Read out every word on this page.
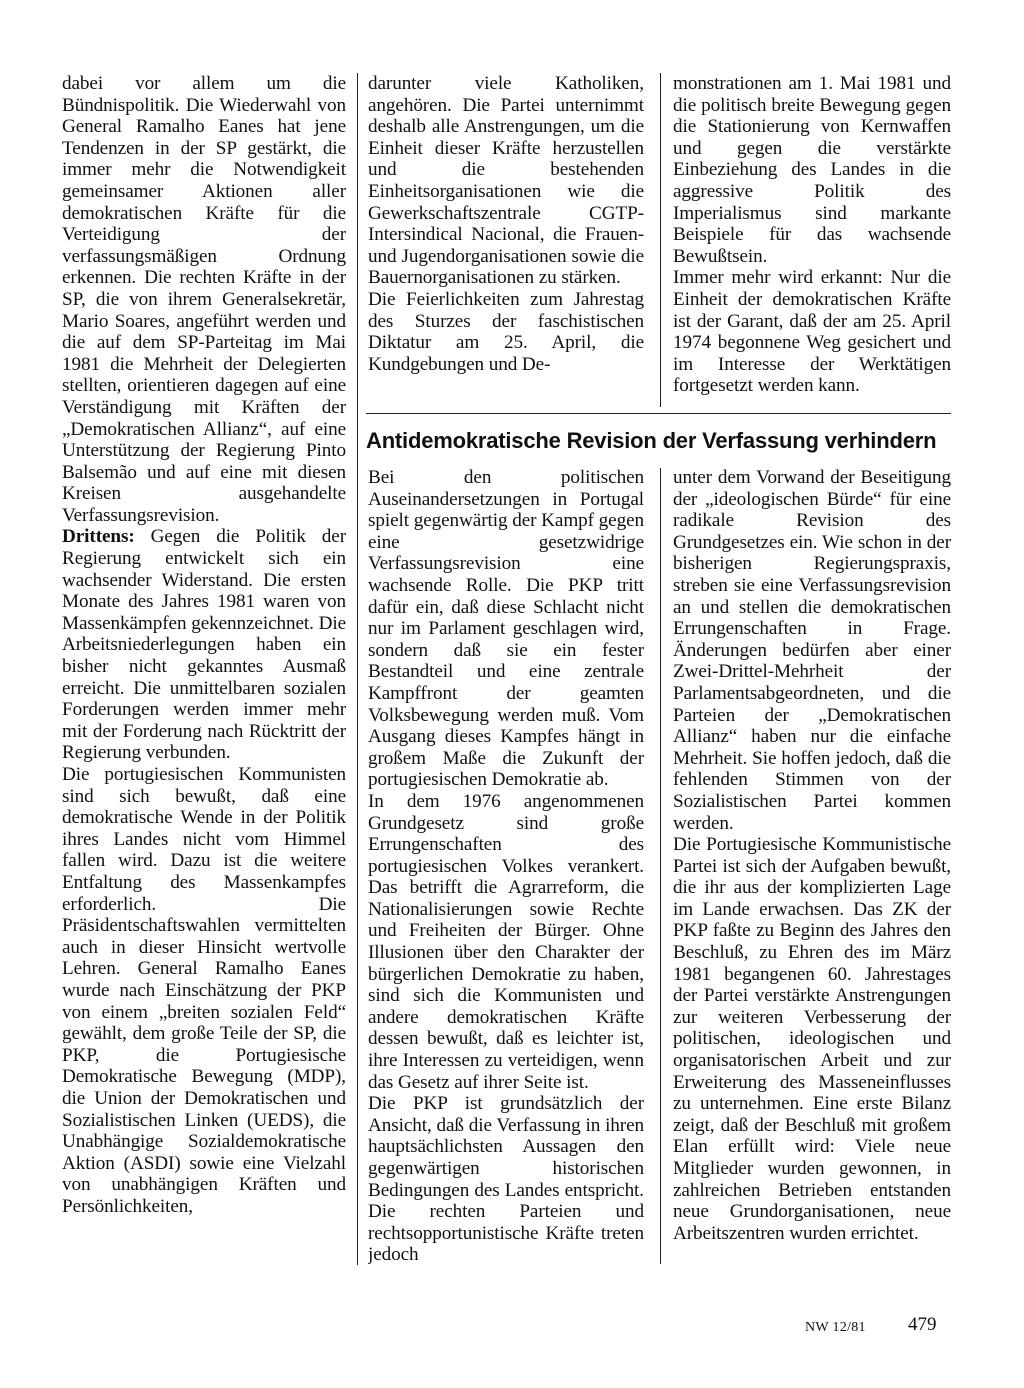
dabei vor allem um die Bündnispolitik. Die Wiederwahl von General Ramalho Eanes hat jene Tendenzen in der SP gestärkt, die immer mehr die Notwendigkeit gemeinsamer Aktionen aller demokratischen Kräfte für die Verteidigung der verfassungsmäßigen Ordnung erkennen. Die rechten Kräfte in der SP, die von ihrem Generalsekretär, Mario Soares, angeführt werden und die auf dem SP-Parteitag im Mai 1981 die Mehrheit der Delegierten stellten, orientieren dagegen auf eine Verständigung mit Kräften der „Demokratischen Allianz“, auf eine Unterstützung der Regierung Pinto Balsemão und auf eine mit diesen Kreisen ausgehandelte Verfassungsrevision.

Drittens: Gegen die Politik der Regierung entwickelt sich ein wachsender Widerstand. Die ersten Monate des Jahres 1981 waren von Massenkämpfen gekennzeichnet. Die Arbeitsniederlegungen haben ein bisher nicht gekanntes Ausmaß erreicht. Die unmittelbaren sozialen Forderungen werden immer mehr mit der Forderung nach Rücktritt der Regierung verbunden.

Die portugiesischen Kommunisten sind sich bewußt, daß eine demokratische Wende in der Politik ihres Landes nicht vom Himmel fallen wird. Dazu ist die weitere Entfaltung des Massenkampfes erforderlich. Die Präsidentschaftswahlen vermittelten auch in dieser Hinsicht wertvolle Lehren. General Ramalho Eanes wurde nach Einschätzung der PKP von einem „breiten sozialen Feld“ gewählt, dem große Teile der SP, die PKP, die Portugiesische Demokratische Bewegung (MDP), die Union der Demokratischen und Sozialistischen Linken (UEDS), die Unabhängige Sozialdemokratische Aktion (ASDI) sowie eine Vielzahl von unabhängigen Kräften und Persönlichkeiten,

darunter viele Katholiken, angehören. Die Partei unternimmt deshalb alle Anstrengungen, um die Einheit dieser Kräfte herzustellen und die bestehenden Einheitsorganisationen wie die Gewerkschaftszentrale CGTP-Intersindical Nacional, die Frauen- und Jugendorganisationen sowie die Bauernorganisationen zu stärken.

Die Feierlichkeiten zum Jahrestag des Sturzes der faschistischen Diktatur am 25. April, die Kundgebungen und De-

monstrationen am 1. Mai 1981 und die politisch breite Bewegung gegen die Stationierung von Kernwaffen und gegen die verstärkte Einbeziehung des Landes in die aggressive Politik des Imperialismus sind markante Beispiele für das wachsende Bewußtsein.

Immer mehr wird erkannt: Nur die Einheit der demokratischen Kräfte ist der Garant, daß der am 25. April 1974 begonnene Weg gesichert und im Interesse der Werktätigen fortgesetzt werden kann.

Antidemokratische Revision der Verfassung verhindern

Bei den politischen Auseinandersetzungen in Portugal spielt gegenwärtig der Kampf gegen eine gesetzwidrige Verfassungsrevision eine wachsende Rolle. Die PKP tritt dafür ein, daß diese Schlacht nicht nur im Parlament geschlagen wird, sondern daß sie ein fester Bestandteil und eine zentrale Kampffront der geamten Volksbewegung werden muß. Vom Ausgang dieses Kampfes hängt in großem Maße die Zukunft der portugiesischen Demokratie ab.

In dem 1976 angenommenen Grundgesetz sind große Errungenschaften des portugiesischen Volkes verankert. Das betrifft die Agrarreform, die Nationalisierungen sowie Rechte und Freiheiten der Bürger. Ohne Illusionen über den Charakter der bürgerlichen Demokratie zu haben, sind sich die Kommunisten und andere demokratischen Kräfte dessen bewußt, daß es leichter ist, ihre Interessen zu verteidigen, wenn das Gesetz auf ihrer Seite ist.

Die PKP ist grundsätzlich der Ansicht, daß die Verfassung in ihren hauptsächlichsten Aussagen den gegenwärtigen historischen Bedingungen des Landes entspricht. Die rechten Parteien und rechtsopportunistische Kräfte treten jedoch

unter dem Vorwand der Beseitigung der „ideologischen Bürde“ für eine radikale Revision des Grundgesetzes ein. Wie schon in der bisherigen Regierungspraxis, streben sie eine Verfassungsrevision an und stellen die demokratischen Errungenschaften in Frage. Änderungen bedürfen aber einer Zwei-Drittel-Mehrheit der Parlamentsabgeordneten, und die Parteien der „Demokratischen Allianz“ haben nur die einfache Mehrheit. Sie hoffen jedoch, daß die fehlenden Stimmen von der Sozialistischen Partei kommen werden.

Die Portugiesische Kommunistische Partei ist sich der Aufgaben bewußt, die ihr aus der komplizierten Lage im Lande erwachsen. Das ZK der PKP faßte zu Beginn des Jahres den Beschluß, zu Ehren des im März 1981 begangenen 60. Jahrestages der Partei verstärkte Anstrengungen zur weiteren Verbesserung der politischen, ideologischen und organisatorischen Arbeit und zur Erweiterung des Masseneinflusses zu unternehmen. Eine erste Bilanz zeigt, daß der Beschluß mit großem Elan erfüllt wird: Viele neue Mitglieder wurden gewonnen, in zahlreichen Betrieben entstanden neue Grundorganisationen, neue Arbeitszentren wurden errichtet.

NW 12/81 479
